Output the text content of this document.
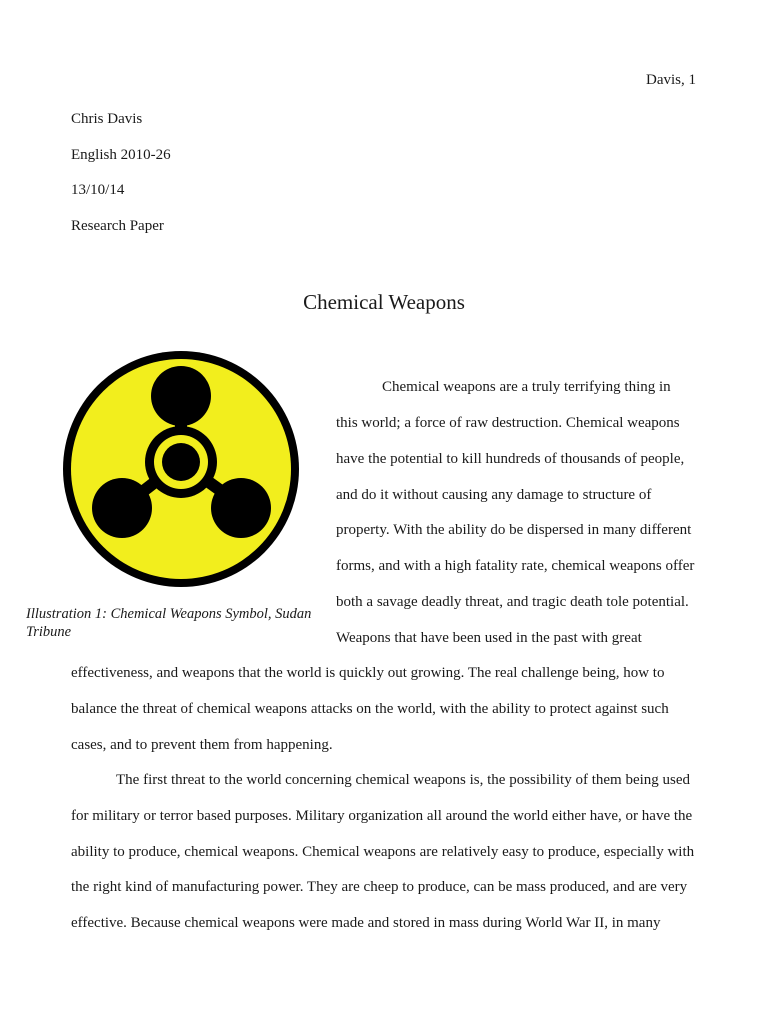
Davis, 1
Chris Davis
English 2010-26
13/10/14
Research Paper
Chemical Weapons
Illustration 1: Chemical Weapons Symbol, Sudan Tribune
Chemical weapons are a truly terrifying thing in
this world; a force of raw destruction. Chemical weapons
have the potential to kill hundreds of thousands of people,
and do it without causing any damage to structure of
property. With the ability do be dispersed in many different
forms, and with a high fatality rate, chemical weapons offer
both a savage deadly threat, and tragic death tole potential.
Weapons that have been used in the past with great
effectiveness, and weapons that the world is quickly out growing. The real challenge being, how to
balance the threat of chemical weapons attacks on the world, with the ability to protect against such
cases, and to prevent them from happening.
The first threat to the world concerning chemical weapons is, the possibility of them being used
for military or terror based purposes. Military organization all around the world either have, or have the
ability to produce, chemical weapons. Chemical weapons are relatively easy to produce, especially with
the right kind of manufacturing power. They are cheep to produce, can be mass produced, and are very
effective. Because chemical weapons were made and stored in mass during World War II, in many
